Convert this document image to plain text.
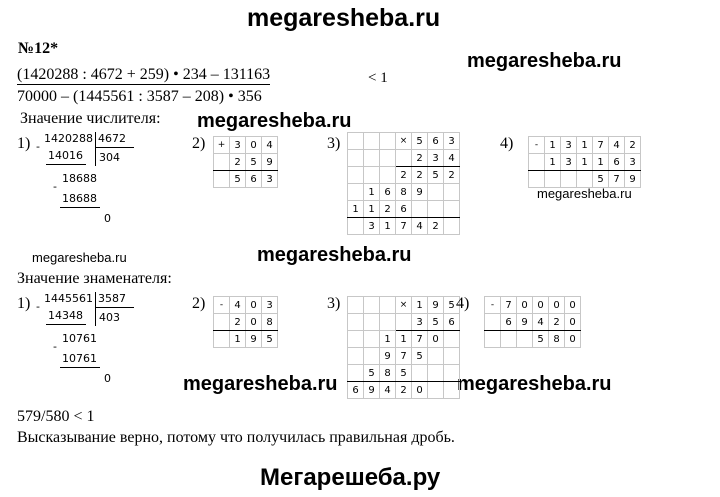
megaresheba.ru
megaresheba.ru
megaresheba.ru
megaresheba.ru
megaresheba.ru	megaresheba.ru
megaresheba.ru	megaresheba.ru
Мегарешеба.ру
№12*
(1420288 : 4672 + 259) • 234 – 131163	< 1
70000 – (1445561 : 3587 – 208) • 356
Значение числителя:
1) -
1420288 4672
14016 304
-
18688
18688
0
2) +	3	0	4
	2	5	9
	5	6	3
3)
				×	5	6	3
				2	3	4
			2	2	5	2
	1	6	8	9		
1	1	2	6			
	3	1	7	4	2	
4) -	1	3	1	7	4	2
	1	3	1	1	6	3
				5	7	9
Значение знаменателя:
1) -
1445561 3587
14348 403
-
10761
10761
0
2) -	4	0	3
	2	0	8
	1	9	5
3)
				×	1	9	5
				3	5	6
		1	1	7	0	
		9	7	5		
	5	8	5			
6	9	4	2	0		
4) -	7	0	0	0	0
	6	9	4	2	0
			5	8	0
579/580 < 1
Высказывание верно, потому что получилась правильная дробь.
